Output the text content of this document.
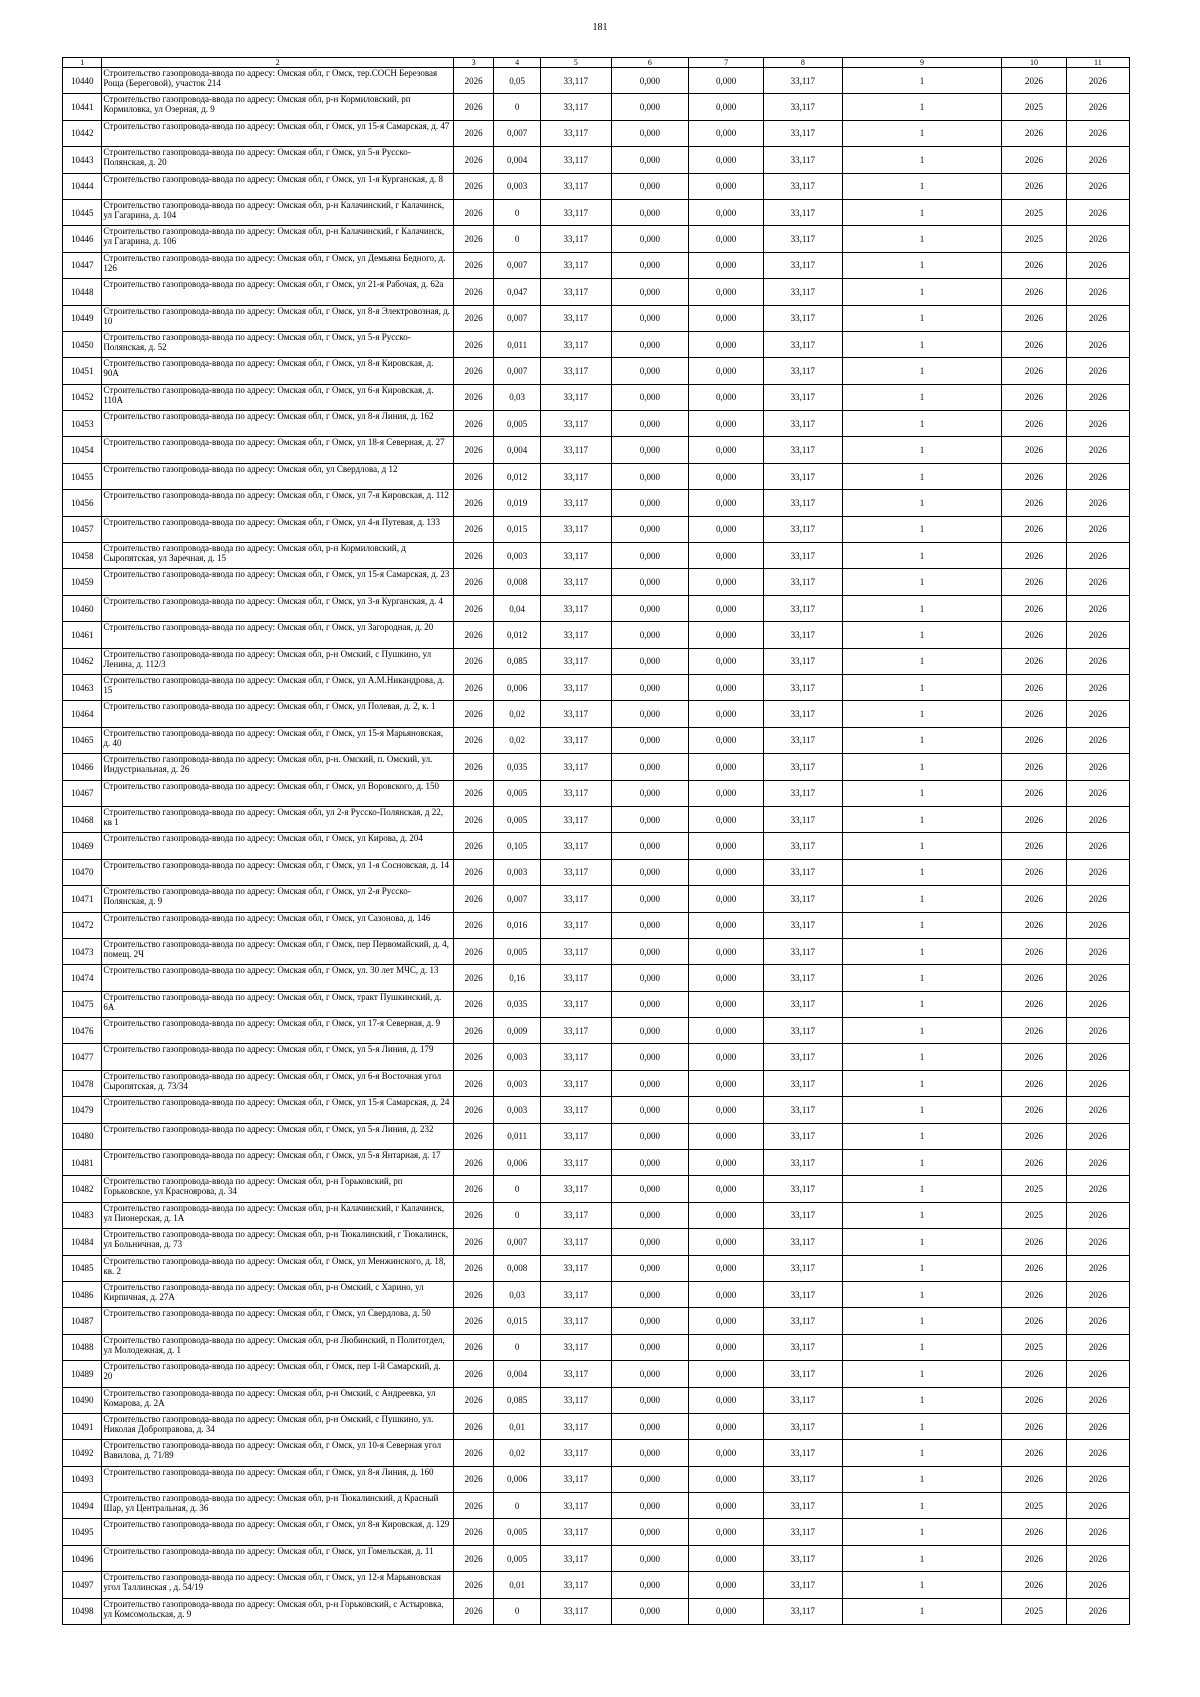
181
1	2	3	4	5	6	7	8	9	10	11
10440	Строительство газопровода-ввода по адресу: Омская обл, г Омск, тер.СОСН Березовая Роща (Береговой), участок 214	2026	0,05	33,117	0,000	0,000	33,117	1	2026	2026
10441	Строительство газопровода-ввода по адресу: Омская обл, р-н Кормиловский, рп Кормиловка, ул Озерная, д. 9	2026	0	33,117	0,000	0,000	33,117	1	2025	2026
10442	Строительство газопровода-ввода по адресу: Омская обл, г Омск, ул 15-я Самарская, д. 47	2026	0,007	33,117	0,000	0,000	33,117	1	2026	2026
10443	Строительство газопровода-ввода по адресу: Омская обл, г Омск, ул 5-я Русско-Полянская, д. 20	2026	0,004	33,117	0,000	0,000	33,117	1	2026	2026
10444	Строительство газопровода-ввода по адресу: Омская обл, г Омск, ул 1-я Курганская, д. 8	2026	0,003	33,117	0,000	0,000	33,117	1	2026	2026
10445	Строительство газопровода-ввода по адресу: Омская обл, р-н Калачинский, г Калачинск, ул Гагарина, д. 104	2026	0	33,117	0,000	0,000	33,117	1	2025	2026
10446	Строительство газопровода-ввода по адресу: Омская обл, р-н Калачинский, г Калачинск, ул Гагарина, д. 106	2026	0	33,117	0,000	0,000	33,117	1	2025	2026
10447	Строительство газопровода-ввода по адресу: Омская обл, г Омск, ул Демьяна Бедного, д. 126	2026	0,007	33,117	0,000	0,000	33,117	1	2026	2026
10448	Строительство газопровода-ввода по адресу: Омская обл, г Омск, ул 21-я Рабочая, д. 62а	2026	0,047	33,117	0,000	0,000	33,117	1	2026	2026
10449	Строительство газопровода-ввода по адресу: Омская обл, г Омск, ул 8-я Электровозная, д. 10	2026	0,007	33,117	0,000	0,000	33,117	1	2026	2026
10450	Строительство газопровода-ввода по адресу: Омская обл, г Омск, ул 5-я Русско-Полянская, д. 52	2026	0,011	33,117	0,000	0,000	33,117	1	2026	2026
10451	Строительство газопровода-ввода по адресу: Омская обл, г Омск, ул 8-я Кировская, д. 90А	2026	0,007	33,117	0,000	0,000	33,117	1	2026	2026
10452	Строительство газопровода-ввода по адресу: Омская обл, г Омск, ул 6-я Кировская, д. 110А	2026	0,03	33,117	0,000	0,000	33,117	1	2026	2026
10453	Строительство газопровода-ввода по адресу: Омская обл, г Омск, ул 8-я Линия, д. 162	2026	0,005	33,117	0,000	0,000	33,117	1	2026	2026
10454	Строительство газопровода-ввода по адресу: Омская обл, г Омск, ул 18-я Северная, д. 27	2026	0,004	33,117	0,000	0,000	33,117	1	2026	2026
10455	Строительство газопровода-ввода по адресу: Омская обл, ул Свердлова, д 12	2026	0,012	33,117	0,000	0,000	33,117	1	2026	2026
10456	Строительство газопровода-ввода по адресу: Омская обл, г Омск, ул 7-я Кировская, д. 112	2026	0,019	33,117	0,000	0,000	33,117	1	2026	2026
10457	Строительство газопровода-ввода по адресу: Омская обл, г Омск, ул 4-я Путевая, д. 133	2026	0,015	33,117	0,000	0,000	33,117	1	2026	2026
10458	Строительство газопровода-ввода по адресу: Омская обл, р-н Кормиловский, д Сыропятская, ул Заречная, д. 15	2026	0,003	33,117	0,000	0,000	33,117	1	2026	2026
10459	Строительство газопровода-ввода по адресу: Омская обл, г Омск, ул 15-я Самарская, д. 23	2026	0,008	33,117	0,000	0,000	33,117	1	2026	2026
10460	Строительство газопровода-ввода по адресу: Омская обл, г Омск, ул 3-я Курганская, д. 4	2026	0,04	33,117	0,000	0,000	33,117	1	2026	2026
10461	Строительство газопровода-ввода по адресу: Омская обл, г Омск, ул Загородная, д. 20	2026	0,012	33,117	0,000	0,000	33,117	1	2026	2026
10462	Строительство газопровода-ввода по адресу: Омская обл, р-н Омский, с Пушкино, ул Ленина, д. 112/3	2026	0,085	33,117	0,000	0,000	33,117	1	2026	2026
10463	Строительство газопровода-ввода по адресу: Омская обл, г Омск, ул А.М.Никандрова, д. 15	2026	0,006	33,117	0,000	0,000	33,117	1	2026	2026
10464	Строительство газопровода-ввода по адресу: Омская обл, г Омск, ул Полевая, д. 2, к. 1	2026	0,02	33,117	0,000	0,000	33,117	1	2026	2026
10465	Строительство газопровода-ввода по адресу: Омская обл, г Омск, ул 15-я Марьяновская, д. 40	2026	0,02	33,117	0,000	0,000	33,117	1	2026	2026
10466	Строительство газопровода-ввода по адресу: Омская обл, р-н. Омский, п. Омский, ул. Индустриальная, д. 26	2026	0,035	33,117	0,000	0,000	33,117	1	2026	2026
10467	Строительство газопровода-ввода по адресу: Омская обл, г Омск, ул Воровского, д. 150	2026	0,005	33,117	0,000	0,000	33,117	1	2026	2026
10468	Строительство газопровода-ввода по адресу: Омская обл, ул 2-я Русско-Полянская, д 22, кв 1	2026	0,005	33,117	0,000	0,000	33,117	1	2026	2026
10469	Строительство газопровода-ввода по адресу: Омская обл, г Омск, ул Кирова, д. 204	2026	0,105	33,117	0,000	0,000	33,117	1	2026	2026
10470	Строительство газопровода-ввода по адресу: Омская обл, г Омск, ул 1-я Сосновская, д. 14	2026	0,003	33,117	0,000	0,000	33,117	1	2026	2026
10471	Строительство газопровода-ввода по адресу: Омская обл, г Омск, ул 2-я Русско-Полянская, д. 9	2026	0,007	33,117	0,000	0,000	33,117	1	2026	2026
10472	Строительство газопровода-ввода по адресу: Омская обл, г Омск, ул Сазонова, д. 146	2026	0,016	33,117	0,000	0,000	33,117	1	2026	2026
10473	Строительство газопровода-ввода по адресу: Омская обл, г Омск, пер Первомайский, д. 4, помещ. 2Ч	2026	0,005	33,117	0,000	0,000	33,117	1	2026	2026
10474	Строительство газопровода-ввода по адресу: Омская обл, г Омск, ул. 30 лет МЧС, д. 13	2026	0,16	33,117	0,000	0,000	33,117	1	2026	2026
10475	Строительство газопровода-ввода по адресу: Омская обл, г Омск, тракт Пушкинский, д. 6А	2026	0,035	33,117	0,000	0,000	33,117	1	2026	2026
10476	Строительство газопровода-ввода по адресу: Омская обл, г Омск, ул 17-я Северная, д. 9	2026	0,009	33,117	0,000	0,000	33,117	1	2026	2026
10477	Строительство газопровода-ввода по адресу: Омская обл, г Омск, ул 5-я Линия, д. 179	2026	0,003	33,117	0,000	0,000	33,117	1	2026	2026
10478	Строительство газопровода-ввода по адресу: Омская обл, г Омск, ул 6-я Восточная угол Сыропятская, д. 73/34	2026	0,003	33,117	0,000	0,000	33,117	1	2026	2026
10479	Строительство газопровода-ввода по адресу: Омская обл, г Омск, ул 15-я Самарская, д. 24	2026	0,003	33,117	0,000	0,000	33,117	1	2026	2026
10480	Строительство газопровода-ввода по адресу: Омская обл, г Омск, ул 5-я Линия, д. 232	2026	0,011	33,117	0,000	0,000	33,117	1	2026	2026
10481	Строительство газопровода-ввода по адресу: Омская обл, г Омск, ул 5-я Янтарная, д. 17	2026	0,006	33,117	0,000	0,000	33,117	1	2026	2026
10482	Строительство газопровода-ввода по адресу: Омская обл, р-н Горьковский, рп Горьковское, ул Красноярова, д. 34	2026	0	33,117	0,000	0,000	33,117	1	2025	2026
10483	Строительство газопровода-ввода по адресу: Омская обл, р-н Калачинский, г Калачинск, ул Пионерская, д. 1А	2026	0	33,117	0,000	0,000	33,117	1	2025	2026
10484	Строительство газопровода-ввода по адресу: Омская обл, р-н Тюкалинский, г Тюкалинск, ул Больничная, д. 73	2026	0,007	33,117	0,000	0,000	33,117	1	2026	2026
10485	Строительство газопровода-ввода по адресу: Омская обл, г Омск, ул Менжинского, д. 18, кв. 2	2026	0,008	33,117	0,000	0,000	33,117	1	2026	2026
10486	Строительство газопровода-ввода по адресу: Омская обл, р-н Омский, с Харино, ул Кирпичная, д. 27А	2026	0,03	33,117	0,000	0,000	33,117	1	2026	2026
10487	Строительство газопровода-ввода по адресу: Омская обл, г Омск, ул Свердлова, д. 50	2026	0,015	33,117	0,000	0,000	33,117	1	2026	2026
10488	Строительство газопровода-ввода по адресу: Омская обл, р-н Любинский, п Политотдел, ул Молодежная, д. 1	2026	0	33,117	0,000	0,000	33,117	1	2025	2026
10489	Строительство газопровода-ввода по адресу: Омская обл, г Омск, пер 1-й Самарский, д. 20	2026	0,004	33,117	0,000	0,000	33,117	1	2026	2026
10490	Строительство газопровода-ввода по адресу: Омская обл, р-н Омский, с Андреевка, ул Комарова, д. 2А	2026	0,085	33,117	0,000	0,000	33,117	1	2026	2026
10491	Строительство газопровода-ввода по адресу: Омская обл, р-н Омский, с Пушкино, ул. Николая Доброправова, д. 34	2026	0,01	33,117	0,000	0,000	33,117	1	2026	2026
10492	Строительство газопровода-ввода по адресу: Омская обл, г Омск, ул 10-я Северная угол Вавилова, д. 71/89	2026	0,02	33,117	0,000	0,000	33,117	1	2026	2026
10493	Строительство газопровода-ввода по адресу: Омская обл, г Омск, ул 8-я Линия, д. 160	2026	0,006	33,117	0,000	0,000	33,117	1	2026	2026
10494	Строительство газопровода-ввода по адресу: Омская обл, р-н Тюкалинский, д Красный Шар, ул Центральная, д. 36	2026	0	33,117	0,000	0,000	33,117	1	2025	2026
10495	Строительство газопровода-ввода по адресу: Омская обл, г Омск, ул 8-я Кировская, д. 129	2026	0,005	33,117	0,000	0,000	33,117	1	2026	2026
10496	Строительство газопровода-ввода по адресу: Омская обл, г Омск, ул Гомельская, д. 11	2026	0,005	33,117	0,000	0,000	33,117	1	2026	2026
10497	Строительство газопровода-ввода по адресу: Омская обл, г Омск, ул 12-я Марьяновская угол Таллинская , д. 54/19	2026	0,01	33,117	0,000	0,000	33,117	1	2026	2026
10498	Строительство газопровода-ввода по адресу: Омская обл, р-н Горьковский, с Астыровка, ул Комсомольская, д. 9	2026	0	33,117	0,000	0,000	33,117	1	2025	2026
